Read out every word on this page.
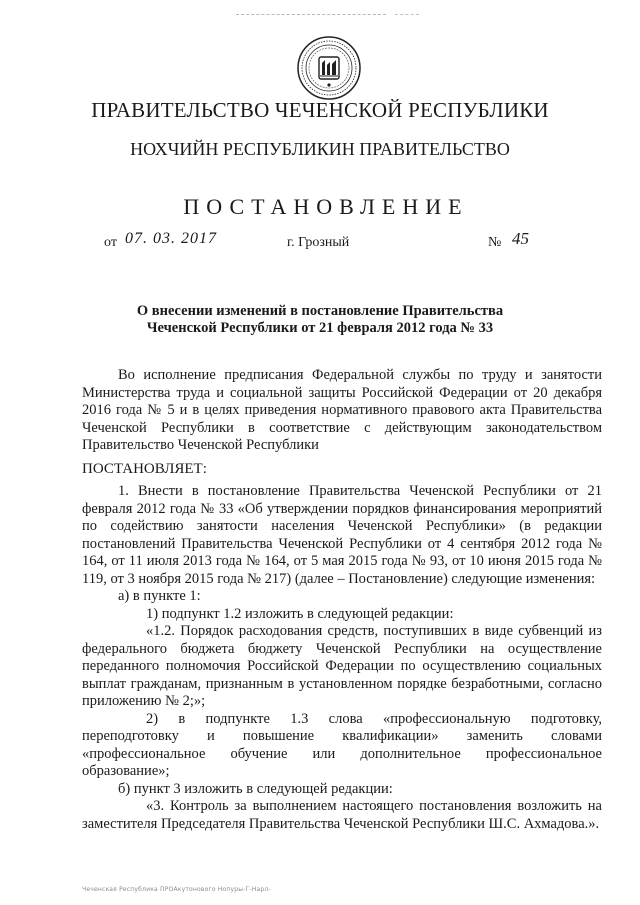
ПРАВИТЕЛЬСТВО ЧЕЧЕНСКОЙ РЕСПУБЛИКИ
НОХЧИЙН РЕСПУБЛИКИН ПРАВИТЕЛЬСТВО
ПОСТАНОВЛЕНИЕ
от 07. 03. 2017	г. Грозный	№ 45
О внесении изменений в постановление Правительства
Чеченской Республики от 21 февраля 2012 года № 33

Во исполнение предписания Федеральной службы по труду и занятости Министерства труда и социальной защиты Российской Федерации от 20 декабря 2016 года № 5 и в целях приведения нормативного правового акта Правительства Чеченской Республики в соответствие с действующим законодательством Правительство Чеченской Республики

ПОСТАНОВЛЯЕТ:

1. Внести в постановление Правительства Чеченской Республики от 21 февраля 2012 года № 33 «Об утверждении порядков финансирования мероприятий по содействию занятости населения Чеченской Республики» (в редакции постановлений Правительства Чеченской Республики от 4 сентября 2012 года № 164, от 11 июля 2013 года № 164, от 5 мая 2015 года № 93, от 10 июня 2015 года № 119, от 3 ноября 2015 года № 217) (далее – Постановление) следующие изменения:

а) в пункте 1:

1) подпункт 1.2 изложить в следующей редакции:

«1.2. Порядок расходования средств, поступивших в виде субвенций из федерального бюджета бюджету Чеченской Республики на осуществление переданного полномочия Российской Федерации по осуществлению социальных выплат гражданам, признанным в установленном порядке безработными, согласно приложению № 2;»;

2) в подпункте 1.3 слова «профессиональную подготовку, переподготовку и повышение квалификации» заменить словами «профессиональное обучение или дополнительное профессиональное образование»;

б) пункт 3 изложить в следующей редакции:

«3. Контроль за выполнением настоящего постановления возложить на заместителя Председателя Правительства Чеченской Республики Ш.С. Ахмадова.».

Чеченская Республика ПРОАкутонового Нопуры-Г-Нарл-
